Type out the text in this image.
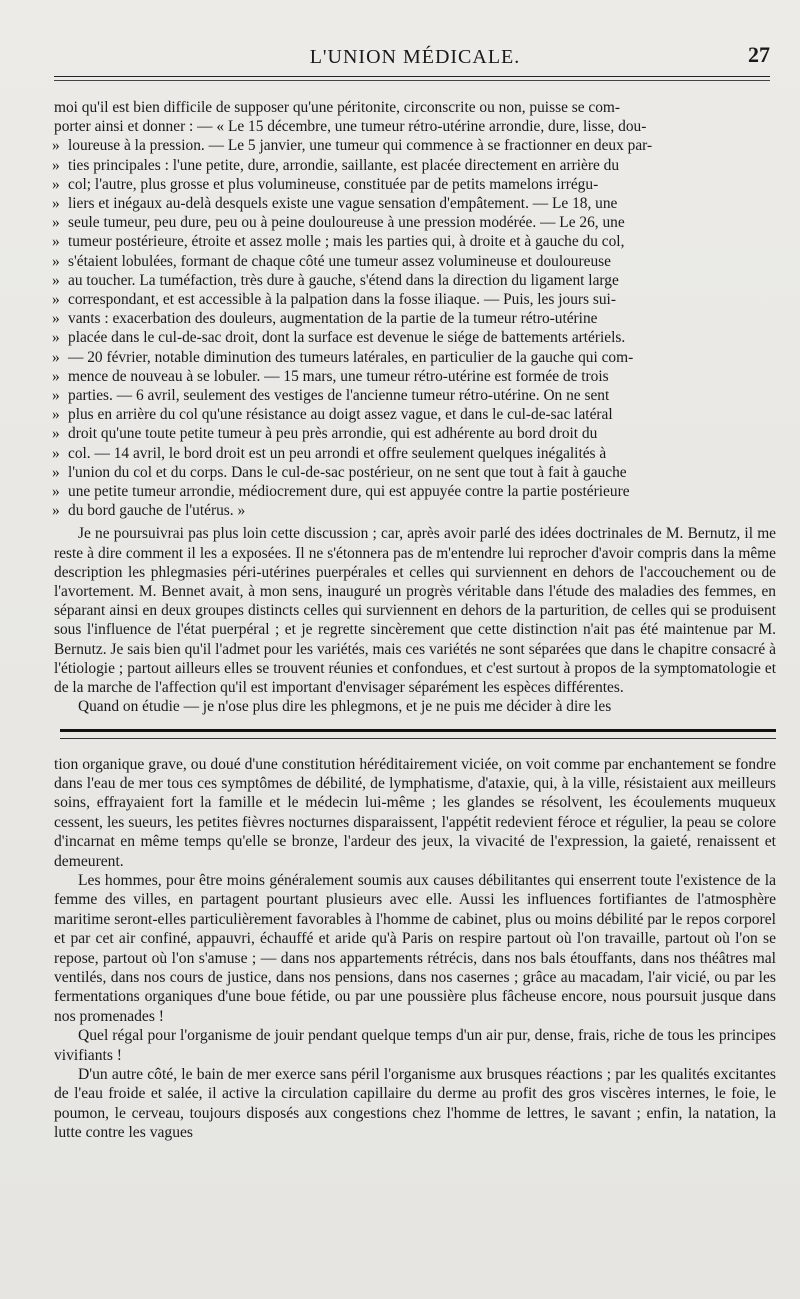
L'UNION MÉDICALE.	27
moi qu'il est bien difficile de supposer qu'une péritonite, circonscrite ou non, puisse se com-
porter ainsi et donner : — « Le 15 décembre, une tumeur rétro-utérine arrondie, dure, lisse, dou-
» loureuse à la pression. — Le 5 janvier, une tumeur qui commence à se fractionner en deux par-
» ties principales : l'une petite, dure, arrondie, saillante, est placée directement en arrière du
» col; l'autre, plus grosse et plus volumineuse, constituée par de petits mamelons irrégu-
» liers et inégaux au-delà desquels existe une vague sensation d'empâtement. — Le 18, une
» seule tumeur, peu dure, peu ou à peine douloureuse à une pression modérée. — Le 26, une
» tumeur postérieure, étroite et assez molle ; mais les parties qui, à droite et à gauche du col,
» s'étaient lobulées, formant de chaque côté une tumeur assez volumineuse et douloureuse
» au toucher. La tuméfaction, très dure à gauche, s'étend dans la direction du ligament large
» correspondant, et est accessible à la palpation dans la fosse iliaque. — Puis, les jours sui-
» vants : exacerbation des douleurs, augmentation de la partie de la tumeur rétro-utérine
» placée dans le cul-de-sac droit, dont la surface est devenue le siége de battements artériels.
» — 20 février, notable diminution des tumeurs latérales, en particulier de la gauche qui com-
» mence de nouveau à se lobuler. — 15 mars, une tumeur rétro-utérine est formée de trois
» parties. — 6 avril, seulement des vestiges de l'ancienne tumeur rétro-utérine. On ne sent
» plus en arrière du col qu'une résistance au doigt assez vague, et dans le cul-de-sac latéral
» droit qu'une toute petite tumeur à peu près arrondie, qui est adhérente au bord droit du
» col. — 14 avril, le bord droit est un peu arrondi et offre seulement quelques inégalités à
» l'union du col et du corps. Dans le cul-de-sac postérieur, on ne sent que tout à fait à gauche
» une petite tumeur arrondie, médiocrement dure, qui est appuyée contre la partie postérieure
» du bord gauche de l'utérus. »

Je ne poursuivrai pas plus loin cette discussion ; car, après avoir parlé des idées doctrinales de M. Bernutz, il me reste à dire comment il les a exposées. Il ne s'étonnera pas de m'entendre lui reprocher d'avoir compris dans la même description les phlegmasies péri-utérines puerpérales et celles qui surviennent en dehors de l'accouchement ou de l'avortement. M. Bennet avait, à mon sens, inauguré un progrès véritable dans l'étude des maladies des femmes, en séparant ainsi en deux groupes distincts celles qui surviennent en dehors de la parturition, de celles qui se produisent sous l'influence de l'état puerpéral ; et je regrette sincèrement que cette distinction n'ait pas été maintenue par M. Bernutz. Je sais bien qu'il l'admet pour les variétés, mais ces variétés ne sont séparées que dans le chapitre consacré à l'étiologie ; partout ailleurs elles se trouvent réunies et confondues, et c'est surtout à propos de la symptomatologie et de la marche de l'affection qu'il est important d'envisager séparément les espèces différentes.

Quand on étudie — je n'ose plus dire les phlegmons, et je ne puis me décider à dire les

tion organique grave, ou doué d'une constitution héréditairement viciée, on voit comme par enchantement se fondre dans l'eau de mer tous ces symptômes de débilité, de lymphatisme, d'ataxie, qui, à la ville, résistaient aux meilleurs soins, effrayaient fort la famille et le médecin lui-même ; les glandes se résolvent, les écoulements muqueux cessent, les sueurs, les petites fièvres nocturnes disparaissent, l'appétit redevient féroce et régulier, la peau se colore d'incarnat en même temps qu'elle se bronze, l'ardeur des jeux, la vivacité de l'expression, la gaieté, renaissent et demeurent.

Les hommes, pour être moins généralement soumis aux causes débilitantes qui enserrent toute l'existence de la femme des villes, en partagent pourtant plusieurs avec elle. Aussi les influences fortifiantes de l'atmosphère maritime seront-elles particulièrement favorables à l'homme de cabinet, plus ou moins débilité par le repos corporel et par cet air confiné, appauvri, échauffé et aride qu'à Paris on respire partout où l'on travaille, partout où l'on se repose, partout où l'on s'amuse ; — dans nos appartements rétrécis, dans nos bals étouffants, dans nos théâtres mal ventilés, dans nos cours de justice, dans nos pensions, dans nos casernes ; grâce au macadam, l'air vicié, ou par les fermentations organiques d'une boue fétide, ou par une poussière plus fâcheuse encore, nous poursuit jusque dans nos promenades !

Quel régal pour l'organisme de jouir pendant quelque temps d'un air pur, dense, frais, riche de tous les principes vivifiants !

D'un autre côté, le bain de mer exerce sans péril l'organisme aux brusques réactions ; par les qualités excitantes de l'eau froide et salée, il active la circulation capillaire du derme au profit des gros viscères internes, le foie, le poumon, le cerveau, toujours disposés aux congestions chez l'homme de lettres, le savant ; enfin, la natation, la lutte contre les vagues
